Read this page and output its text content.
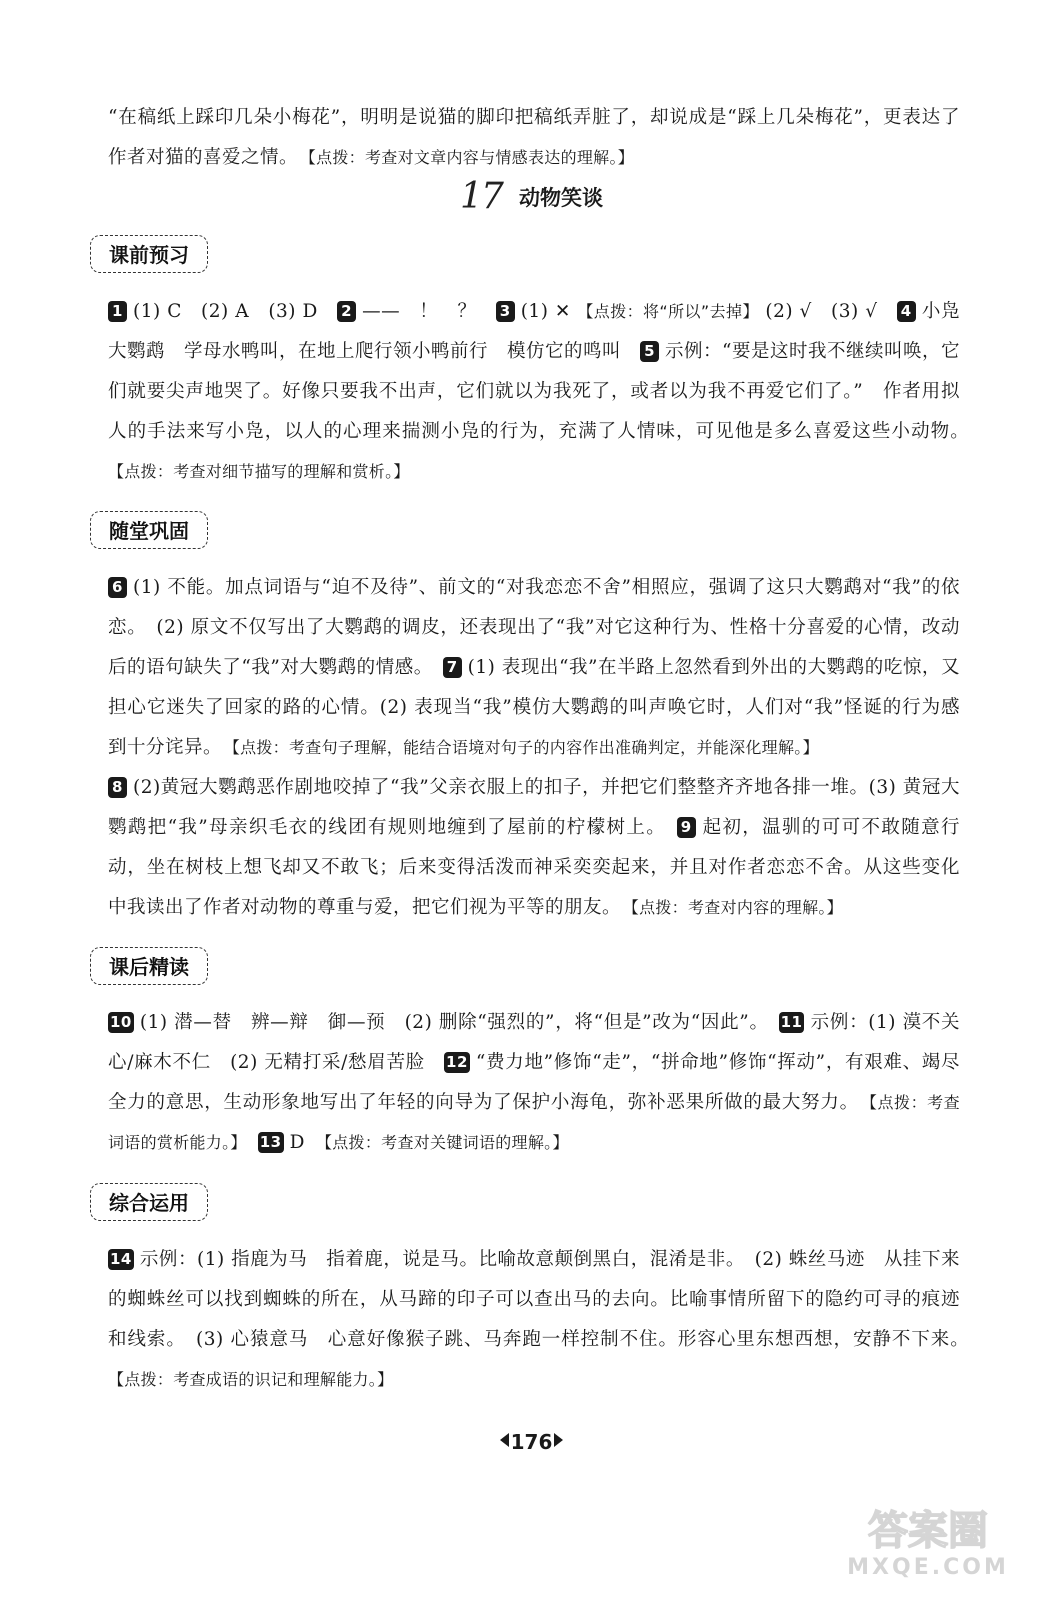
“在稿纸上踩印几朵小梅花”，明明是说猫的脚印把稿纸弄脏了，却说成是“踩上几朵梅花”，更表达了作者对猫的喜爱之情。　 【点拨：考查对文章内容与情感表达的理解。】

17 动物笑谈
课前预习

1 (1) C　(2) A　(3) D　 2 ——　！　？　 3 (1) ✕ 【点拨：将“所以”去掉】 (2) √　(3) √　 4 小凫　大鹦鹉　学母水鸭叫，在地上爬行领小鸭前行　模仿它的鸣叫　 5 示例：“要是这时我不继续叫唤，它们就要尖声地哭了。好像只要我不出声，它们就以为我死了，或者以为我不再爱它们了。”　作者用拟人的手法来写小凫，以人的心理来揣测小凫的行为，充满了人情味，可见他是多么喜爱这些小动物。　【点拨：考查对细节描写的理解和赏析。】

随堂巩固

6 (1) 不能。加点词语与“迫不及待”、前文的“对我恋恋不舍”相照应，强调了这只大鹦鹉对“我”的依恋。　(2) 原文不仅写出了大鹦鹉的调皮，还表现出了“我”对它这种行为、性格十分喜爱的心情，改动后的语句缺失了“我”对大鹦鹉的情感。　 7 (1) 表现出“我”在半路上忽然看到外出的大鹦鹉的吃惊，又担心它迷失了回家的路的心情。(2) 表现当“我”模仿大鹦鹉的叫声唤它时，人们对“我”怪诞的行为感到十分诧异。　 【点拨：考查句子理解，能结合语境对句子的内容作出准确判定，并能深化理解。】

8 (2)黄冠大鹦鹉恶作剧地咬掉了“我”父亲衣服上的扣子，并把它们整整齐齐地各排一堆。(3) 黄冠大鹦鹉把“我”母亲织毛衣的线团有规则地缠到了屋前的柠檬树上。　 9 起初，温驯的可可不敢随意行动，坐在树枝上想飞却又不敢飞；后来变得活泼而神采奕奕起来，并且对作者恋恋不舍。从这些变化中我读出了作者对动物的尊重与爱，把它们视为平等的朋友。　 【点拨：考查对内容的理解。】

课后精读

10 (1) 潜—替　辨—辩　御—预　(2) 删除“强烈的”，将“但是”改为“因此”。　 11 示例：(1) 漠不关心/麻木不仁　(2) 无精打采/愁眉苦脸　 12 “费力地”修饰“走”，“拼命地”修饰“挥动”，有艰难、竭尽全力的意思，生动形象地写出了年轻的向导为了保护小海龟，弥补恶果所做的最大努力。　 【点拨：考查词语的赏析能力。】　 13 D　 【点拨：考查对关键词语的理解。】

综合运用

14 示例：(1) 指鹿为马　指着鹿，说是马。比喻故意颠倒黑白，混淆是非。　(2) 蛛丝马迹　从挂下来的蜘蛛丝可以找到蜘蛛的所在，从马蹄的印子可以查出马的去向。比喻事情所留下的隐约可寻的痕迹和线索。　(3) 心猿意马　心意好像猴子跳、马奔跑一样控制不住。形容心里东想西想，安静不下来。　【点拨：考查成语的识记和理解能力。】

176
答案圈
MXQE.COM
